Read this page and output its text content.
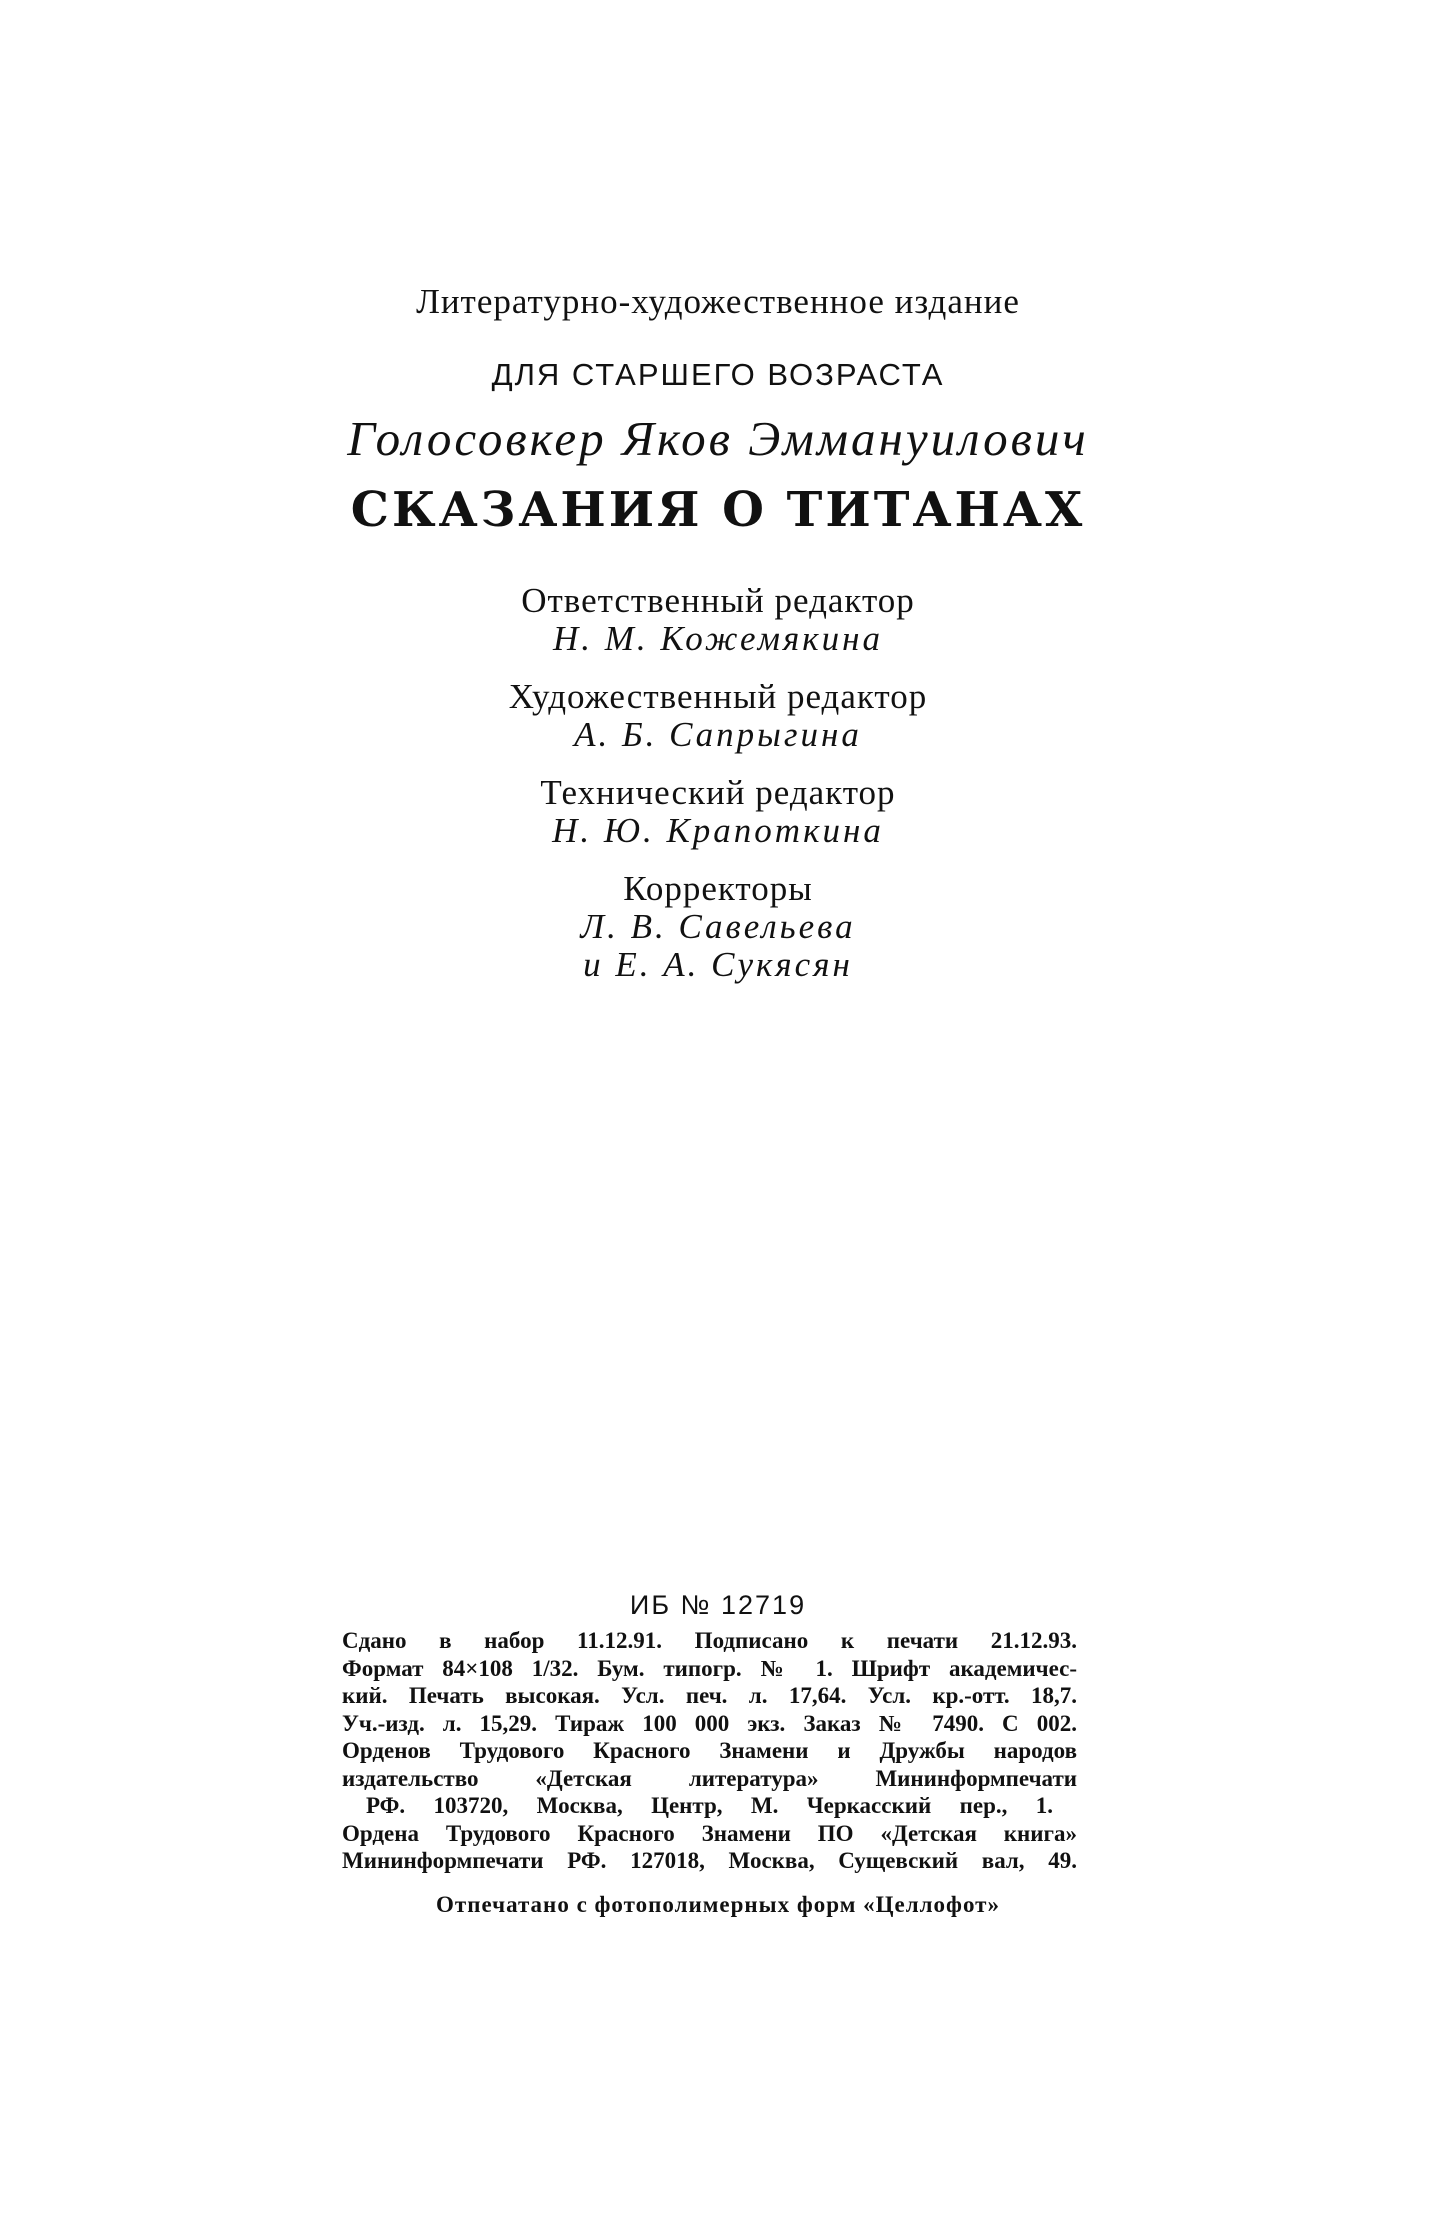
Литературно-художественное издание
ДЛЯ СТАРШЕГО ВОЗРАСТА
Голосовкер Яков Эммануилович
СКАЗАНИЯ О ТИТАНАХ
Ответственный редактор
Н. М. Кожемякина
Художественный редактор
А. Б. Сапрыгина
Технический редактор
Н. Ю. Крапоткина
Корректоры
Л. В. Савельева
и Е. А. Сукясян
ИБ № 12719
Сдано в набор 11.12.91. Подписано к печати 21.12.93.
Формат 84×108 1/32. Бум. типогр. № 1. Шрифт академичес-
кий. Печать высокая. Усл. печ. л. 17,64. Усл. кр.-отт. 18,7.
Уч.-изд. л. 15,29. Тираж 100 000 экз. Заказ № 7490. С 002.
Орденов Трудового Красного Знамени и Дружбы народов
издательство «Детская литература» Мининформпечати
РФ. 103720, Москва, Центр, М. Черкасский пер., 1.
Ордена Трудового Красного Знамени ПО «Детская книга»
Мининформпечати РФ. 127018, Москва, Сущевский вал, 49.
Отпечатано с фотополимерных форм «Целлофот»
